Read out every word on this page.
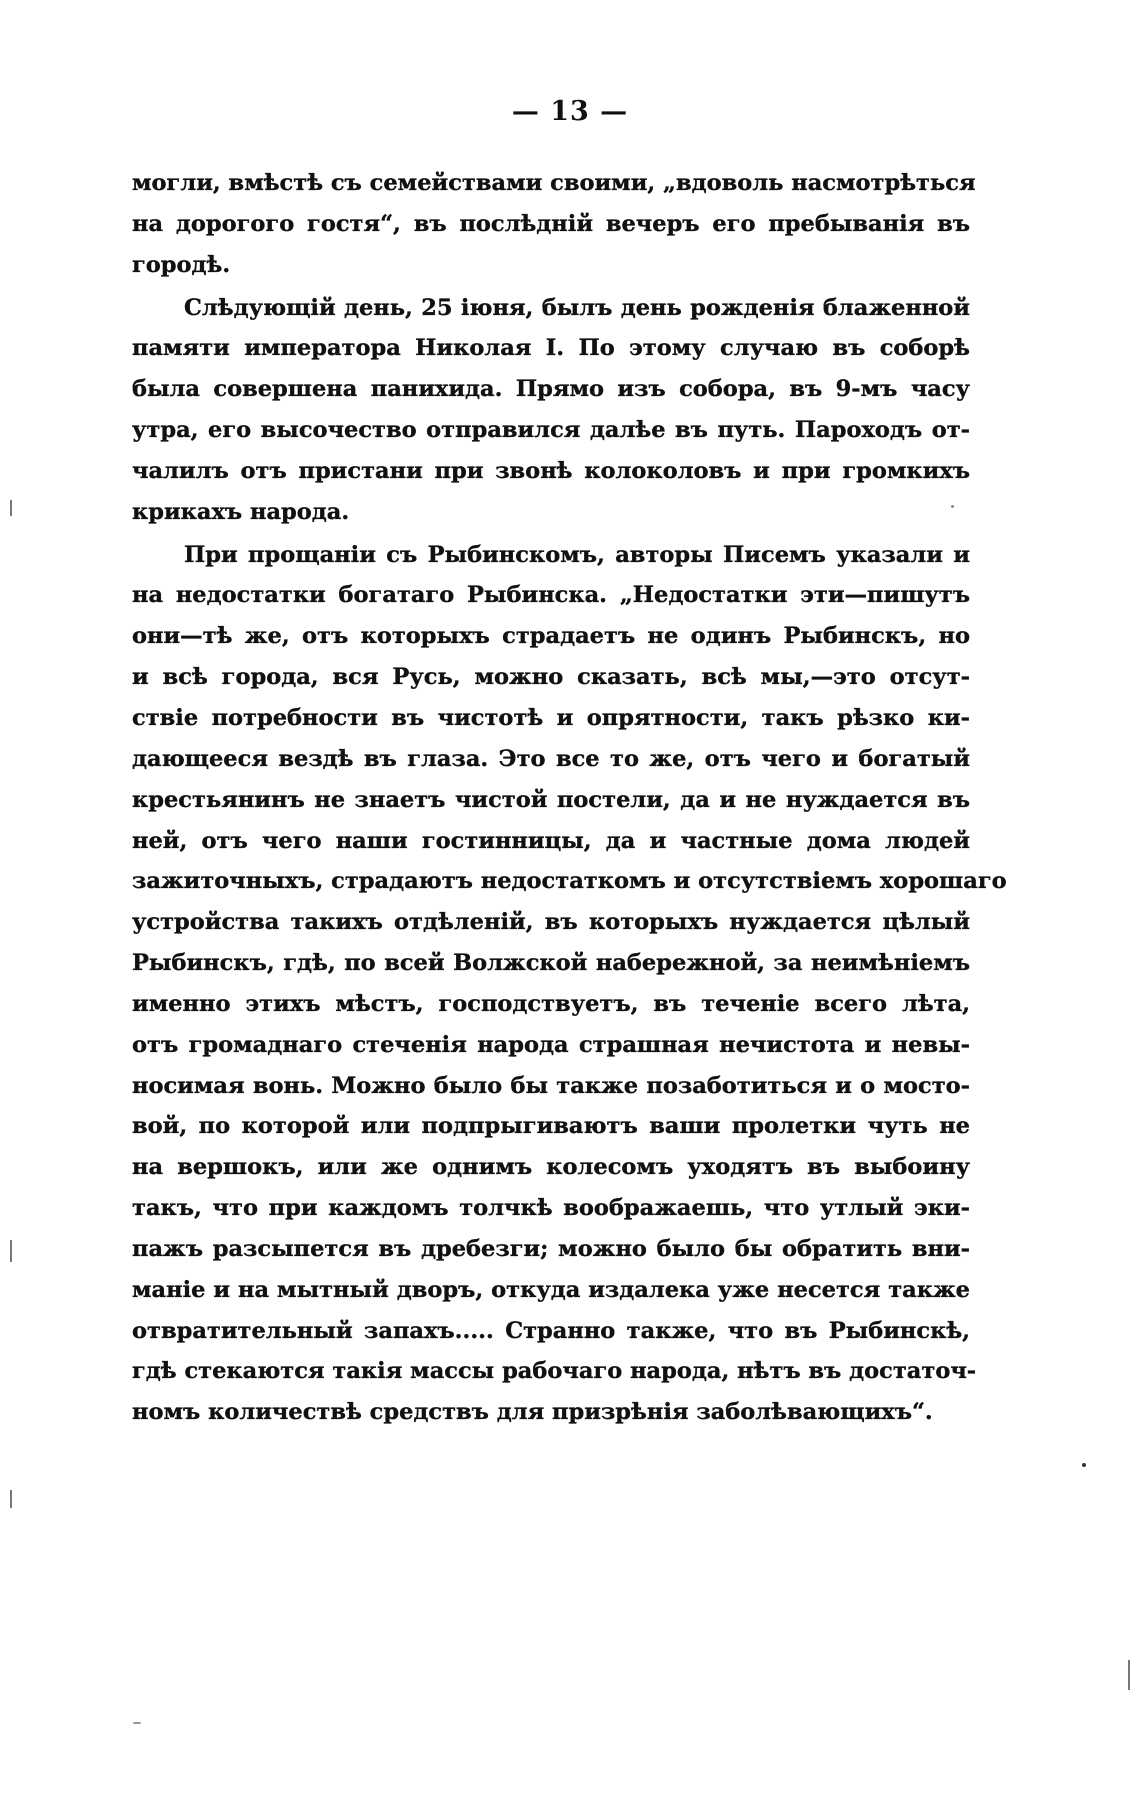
— 13 —
могли, вмѣстѣ съ семействами своими, „вдоволь насмотрѣться
на дорогого гостя“, въ послѣднiй вечеръ его пребыванiя въ
городѣ.
Слѣдующiй день, 25 iюня, былъ день рожденiя блаженной
памяти императора Николая I. По этому случаю въ соборѣ
была совершена панихида. Прямо изъ собора, въ 9-мъ часу
утра, его высочество отправился далѣе въ путь. Пароходъ от-
чалилъ отъ пристани при звонѣ колоколовъ и при громкихъ
крикахъ народа.
При прощанiи съ Рыбинскомъ, авторы Писемъ указали и
на недостатки богатаго Рыбинска. „Недостатки эти—пишутъ
они—тѣ же, отъ которыхъ страдаетъ не одинъ Рыбинскъ, но
и всѣ города, вся Русь, можно сказать, всѣ мы,—это отсут-
ствiе потребности въ чистотѣ и опрятности, такъ рѣзко ки-
дающееся вездѣ въ глаза. Это все то же, отъ чего и богатый
крестьянинъ не знаетъ чистой постели, да и не нуждается въ
ней, отъ чего наши гостинницы, да и частные дома людей
зажиточныхъ, страдаютъ недостаткомъ и отсутствiемъ хорошаго
устройства такихъ отдѣленiй, въ которыхъ нуждается цѣлый
Рыбинскъ, гдѣ, по всей Волжской набережной, за неимѣнiемъ
именно этихъ мѣстъ, господствуетъ, въ теченiе всего лѣта,
отъ громаднаго стеченiя народа страшная нечистота и невы-
носимая вонь. Можно было бы также позаботиться и о мосто-
вой, по которой или подпрыгиваютъ ваши пролетки чуть не
на вершокъ, или же однимъ колесомъ уходятъ въ выбоину
такъ, что при каждомъ толчкѣ воображаешь, что утлый эки-
пажъ разсыпется въ дребезги; можно было бы обратить вни-
манiе и на мытный дворъ, откуда издалека уже несется также
отвратительный запахъ..... Странно также, что въ Рыбинскѣ,
гдѣ стекаются такiя массы рабочаго народа, нѣтъ въ достаточ-
номъ количествѣ средствъ для призрѣнiя заболѣвающихъ“.
